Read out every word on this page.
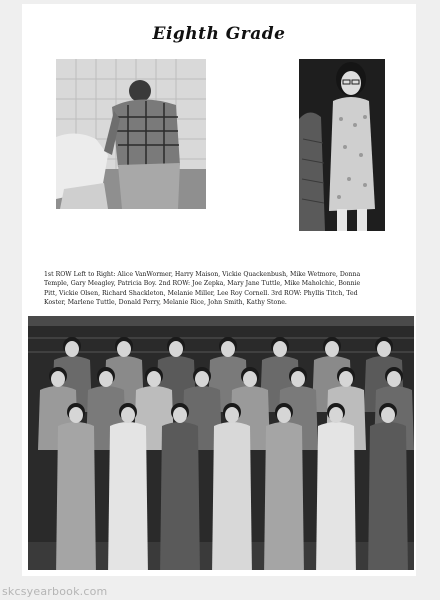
Eighth Grade

1st ROW Left to Right: Alice VanWormer, Harry Maison, Vickie Quackenbush, Mike Wetmore, Donna

Temple, Gary Meagley, Patricia Boy. 2nd ROW: Joe Zepka, Mary Jane Tuttle, Mike Maholchic, Bonnie

Pitt, Vickie Olsen, Richard Shackleton, Melanie Miller, Lee Roy Cornell. 3rd ROW: Phyllis Titch, Ted

Koster, Marlene Tuttle, Donald Perry, Melanie Rice, John Smith, Kathy Stone.

skcsyearbook.com
